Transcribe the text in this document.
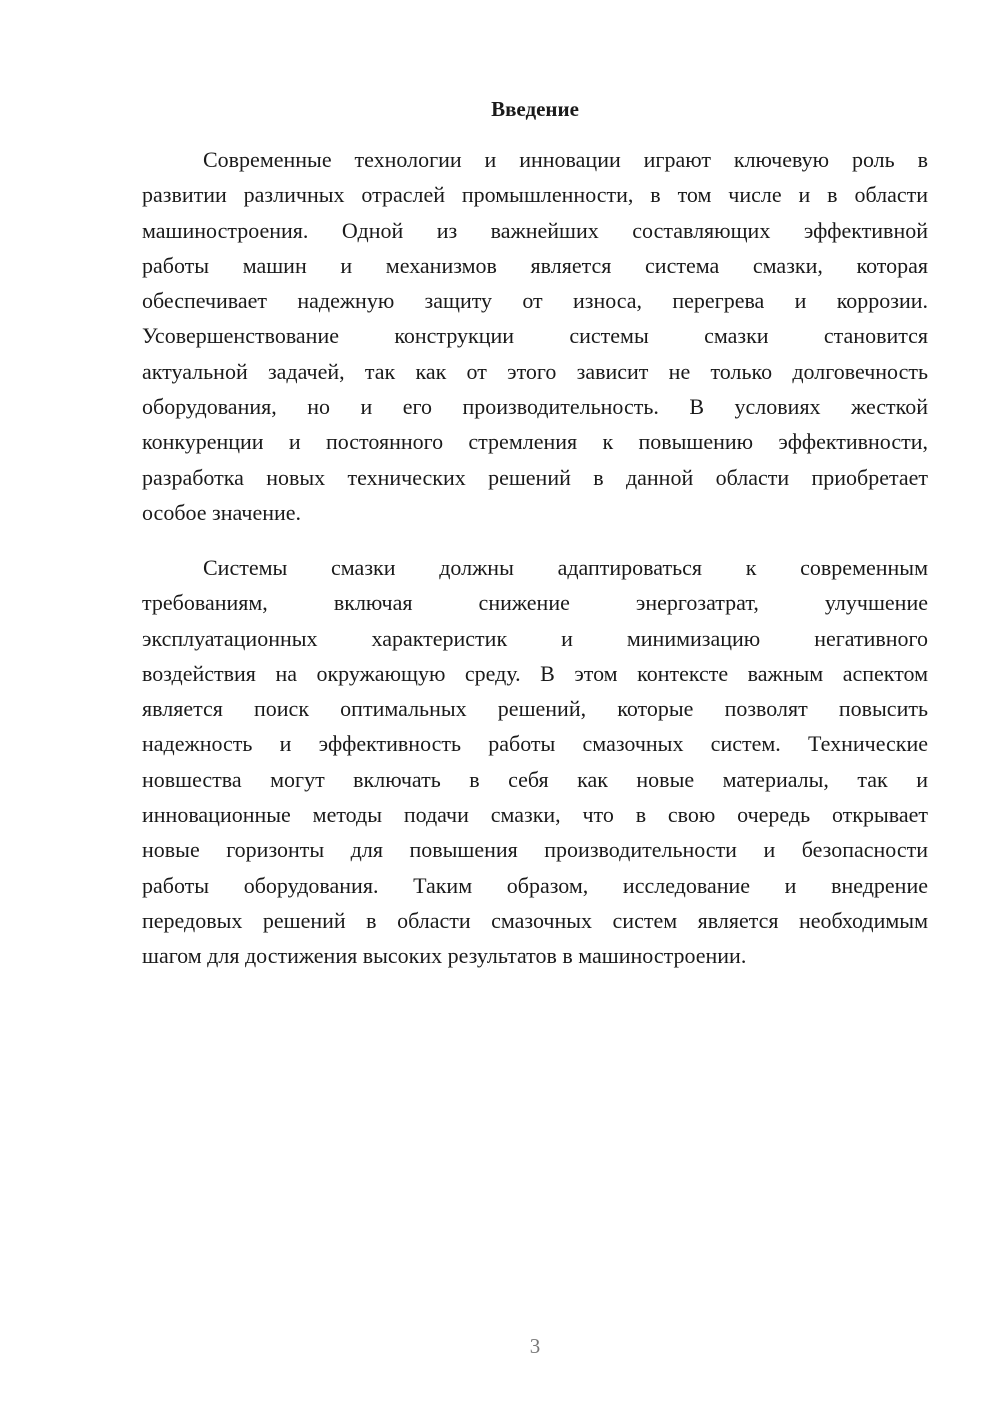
Введение
Современные технологии и инновации играют ключевую роль в
развитии различных отраслей промышленности, в том числе и в области
машиностроения. Одной из важнейших составляющих эффективной
работы машин и механизмов является система смазки, которая
обеспечивает надежную защиту от износа, перегрева и коррозии.
Усовершенствование конструкции системы смазки становится
актуальной задачей, так как от этого зависит не только долговечность
оборудования, но и его производительность. В условиях жесткой
конкуренции и постоянного стремления к повышению эффективности,
разработка новых технических решений в данной области приобретает
особое значение.
Системы смазки должны адаптироваться к современным
требованиям, включая снижение энергозатрат, улучшение
эксплуатационных характеристик и минимизацию негативного
воздействия на окружающую среду. В этом контексте важным аспектом
является поиск оптимальных решений, которые позволят повысить
надежность и эффективность работы смазочных систем. Технические
новшества могут включать в себя как новые материалы, так и
инновационные методы подачи смазки, что в свою очередь открывает
новые горизонты для повышения производительности и безопасности
работы оборудования. Таким образом, исследование и внедрение
передовых решений в области смазочных систем является необходимым
шагом для достижения высоких результатов в машиностроении.
3
